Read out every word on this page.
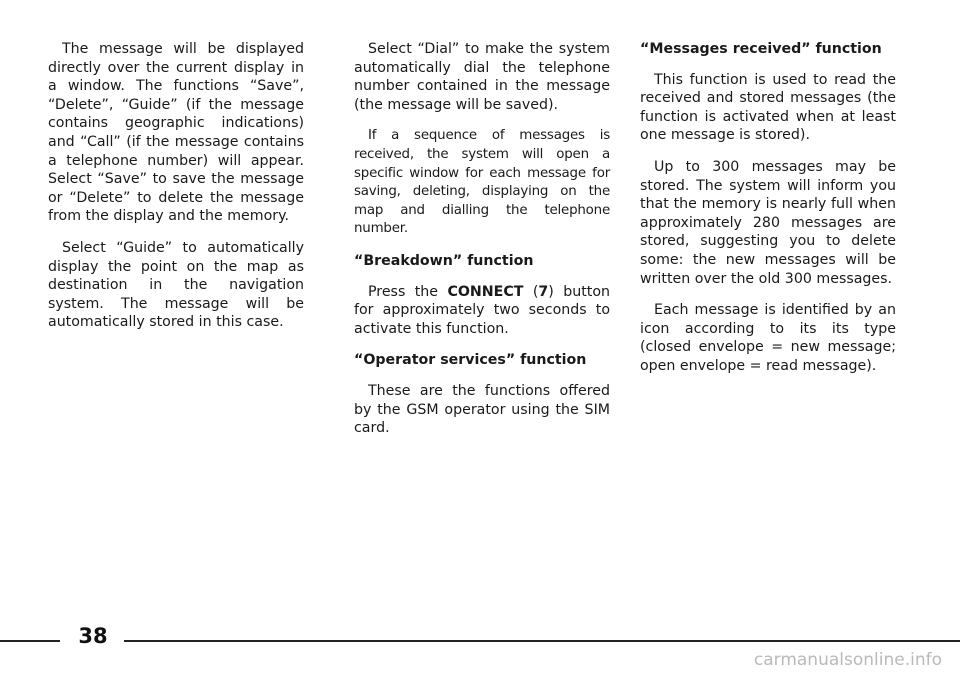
The message will be displayed directly over the current display in a window. The functions “Save”, “Delete”, “Guide” (if the message contains geographic indications) and “Call” (if the message contains a telephone number) will appear. Select “Save” to save the message or “Delete” to delete the message from the display and the memory.

Select “Guide” to automatically display the point on the map as destination in the navigation system. The message will be automatically stored in this case.

Select “Dial” to make the system automatically dial the telephone number contained in the message (the message will be saved).

If a sequence of messages is received, the system will open a specific window for each message for saving, deleting, displaying on the map and dialling the telephone number.

“Breakdown” function

Press the CONNECT (7) button for approximately two seconds to activate this function.

“Operator services” function

These are the functions offered by the GSM operator using the SIM card.

“Messages received” function

This function is used to read the received and stored messages (the function is activated when at least one message is stored).

Up to 300 messages may be stored. The system will inform you that the memory is nearly full when approximately 280 messages are stored, suggesting you to delete some: the new messages will be written over the old 300 messages.

Each message is identified by an icon according to its its type (closed envelope = new message; open envelope = read message).

38
carmanualsonline.info
